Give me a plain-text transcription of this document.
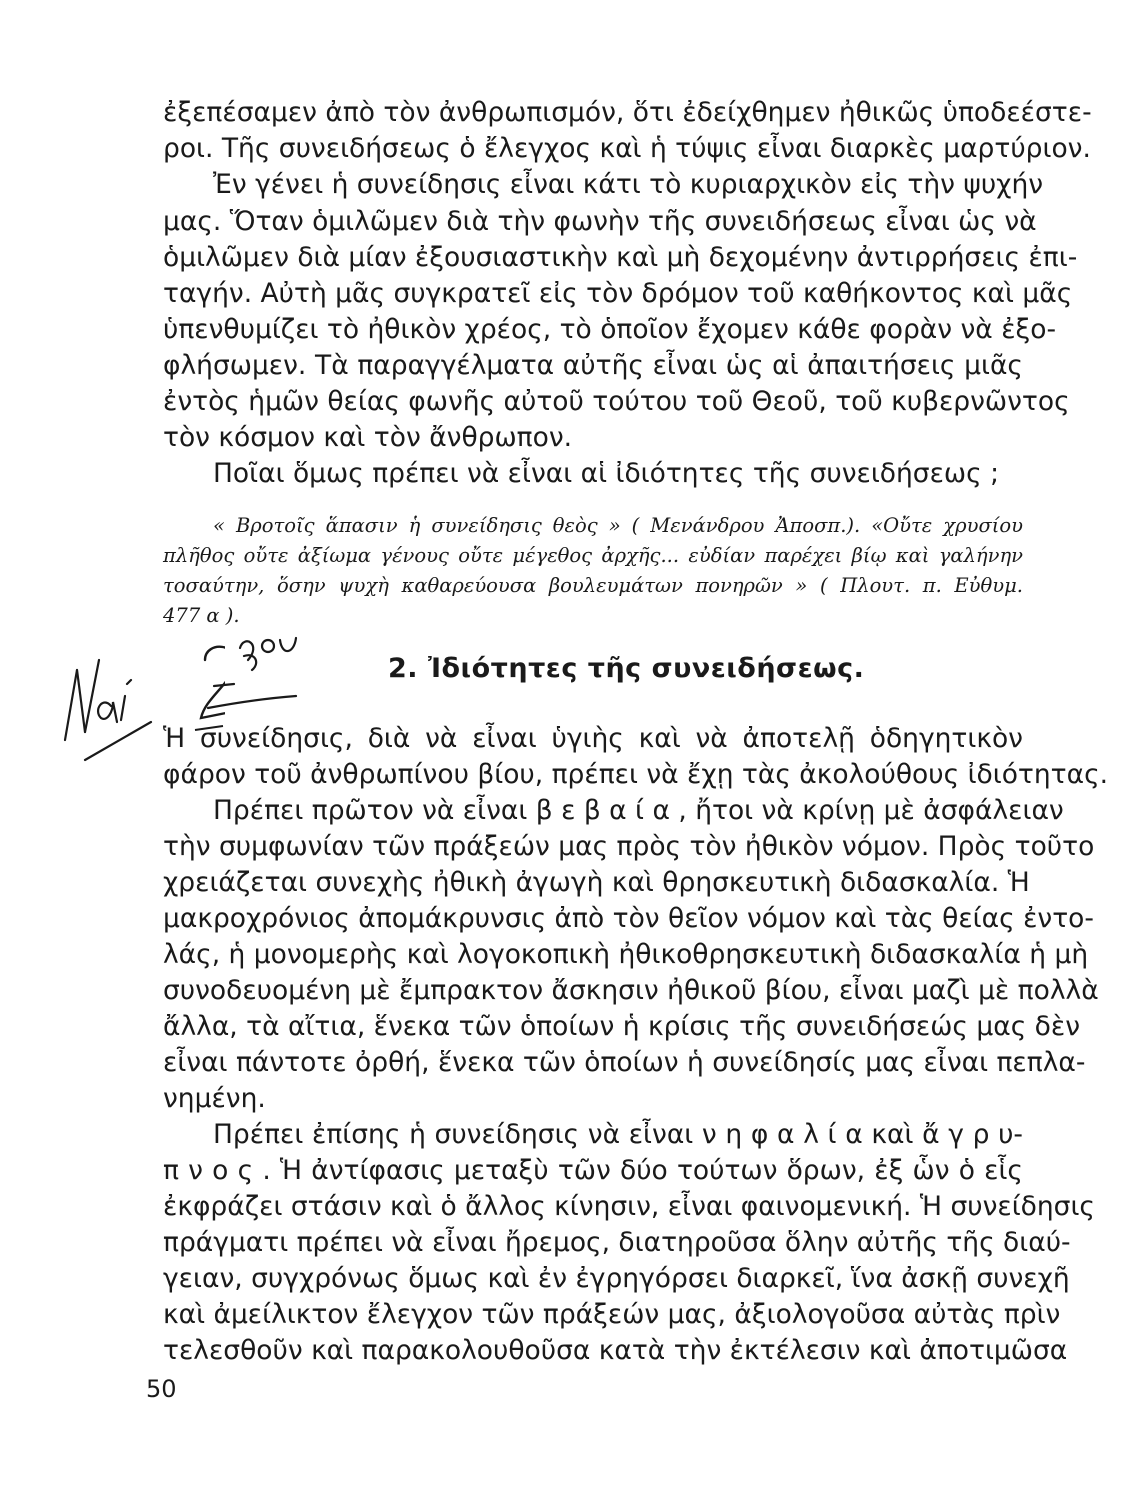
ἐξεπέσαμεν ἀπὸ τὸν ἀνθρωπισμόν, ὅτι ἐδείχθημεν ἠθικῶς ὑποδεέστε-
ροι. Τῆς συνειδήσεως ὁ ἔλεγχος καὶ ἡ τύψις εἶναι διαρκὲς μαρτύριον.
Ἐν γένει ἡ συνείδησις εἶναι κάτι τὸ κυριαρχικὸν εἰς τὴν ψυχήν
μας. Ὅταν ὁμιλῶμεν διὰ τὴν φωνὴν τῆς συνειδήσεως εἶναι ὡς νὰ
ὁμιλῶμεν διὰ μίαν ἐξουσιαστικὴν καὶ μὴ δεχομένην ἀντιρρήσεις ἐπι-
ταγήν. Αὐτὴ μᾶς συγκρατεῖ εἰς τὸν δρόμον τοῦ καθήκοντος καὶ μᾶς
ὑπενθυμίζει τὸ ἠθικὸν χρέος, τὸ ὁποῖον ἔχομεν κάθε φορὰν νὰ ἐξο-
φλήσωμεν. Τὰ παραγγέλματα αὐτῆς εἶναι ὡς αἱ ἀπαιτήσεις μιᾶς
ἐντὸς ἡμῶν θείας φωνῆς αὐτοῦ τούτου τοῦ Θεοῦ, τοῦ κυβερνῶντος
τὸν κόσμον καὶ τὸν ἄνθρωπον.
Ποῖαι ὅμως πρέπει νὰ εἶναι αἱ ἰδιότητες τῆς συνειδήσεως ;
« Βροτοῖς ἅπασιν ἡ συνείδησις θεὸς » ( Μενάνδρου Ἀποσπ.). «Οὔτε χρυσίου
πλῆθος οὔτε ἀξίωμα γένους οὔτε μέγεθος ἀρχῆς... εὐδίαν παρέχει βίῳ καὶ γαλήνην
τοσαύτην, ὅσην ψυχὴ καθαρεύουσα βουλευμάτων πονηρῶν » ( Πλουτ. π. Εὐθυμ.
477 α ).
2. Ἰδιότητες τῆς συνειδήσεως.
Ἡ συνείδησις, διὰ νὰ εἶναι ὑγιὴς καὶ νὰ ἀποτελῇ ὁδηγητικὸν
φάρον τοῦ ἀνθρωπίνου βίου, πρέπει νὰ ἔχῃ τὰς ἀκολούθους ἰδιότητας.
Πρέπει πρῶτον νὰ εἶναι β ε β α ί α , ἤτοι νὰ κρίνῃ μὲ ἀσφάλειαν
τὴν συμφωνίαν τῶν πράξεών μας πρὸς τὸν ἠθικὸν νόμον. Πρὸς τοῦτο
χρειάζεται συνεχὴς ἠθικὴ ἀγωγὴ καὶ θρησκευτικὴ διδασκαλία. Ἡ
μακροχρόνιος ἀπομάκρυνσις ἀπὸ τὸν θεῖον νόμον καὶ τὰς θείας ἐντο-
λάς, ἡ μονομερὴς καὶ λογοκοπικὴ ἠθικοθρησκευτικὴ διδασκαλία ἡ μὴ
συνοδευομένη μὲ ἔμπρακτον ἄσκησιν ἠθικοῦ βίου, εἶναι μαζὶ μὲ πολλὰ
ἄλλα, τὰ αἴτια, ἕνεκα τῶν ὁποίων ἡ κρίσις τῆς συνειδήσεώς μας δὲν
εἶναι πάντοτε ὀρθή, ἕνεκα τῶν ὁποίων ἡ συνείδησίς μας εἶναι πεπλα-
νημένη.
Πρέπει ἐπίσης ἡ συνείδησις νὰ εἶναι ν η φ α λ ί α καὶ ἄ γ ρ υ-
π ν ο ς . Ἡ ἀντίφασις μεταξὺ τῶν δύο τούτων ὅρων, ἐξ ὧν ὁ εἷς
ἐκφράζει στάσιν καὶ ὁ ἄλλος κίνησιν, εἶναι φαινομενική. Ἡ συνείδησις
πράγματι πρέπει νὰ εἶναι ἤρεμος, διατηροῦσα ὅλην αὐτῆς τῆς διαύ-
γειαν, συγχρόνως ὅμως καὶ ἐν ἐγρηγόρσει διαρκεῖ, ἵνα ἀσκῇ συνεχῆ
καὶ ἀμείλικτον ἔλεγχον τῶν πράξεών μας, ἀξιολογοῦσα αὐτὰς πρὶν
τελεσθοῦν καὶ παρακολουθοῦσα κατὰ τὴν ἐκτέλεσιν καὶ ἀποτιμῶσα
50
